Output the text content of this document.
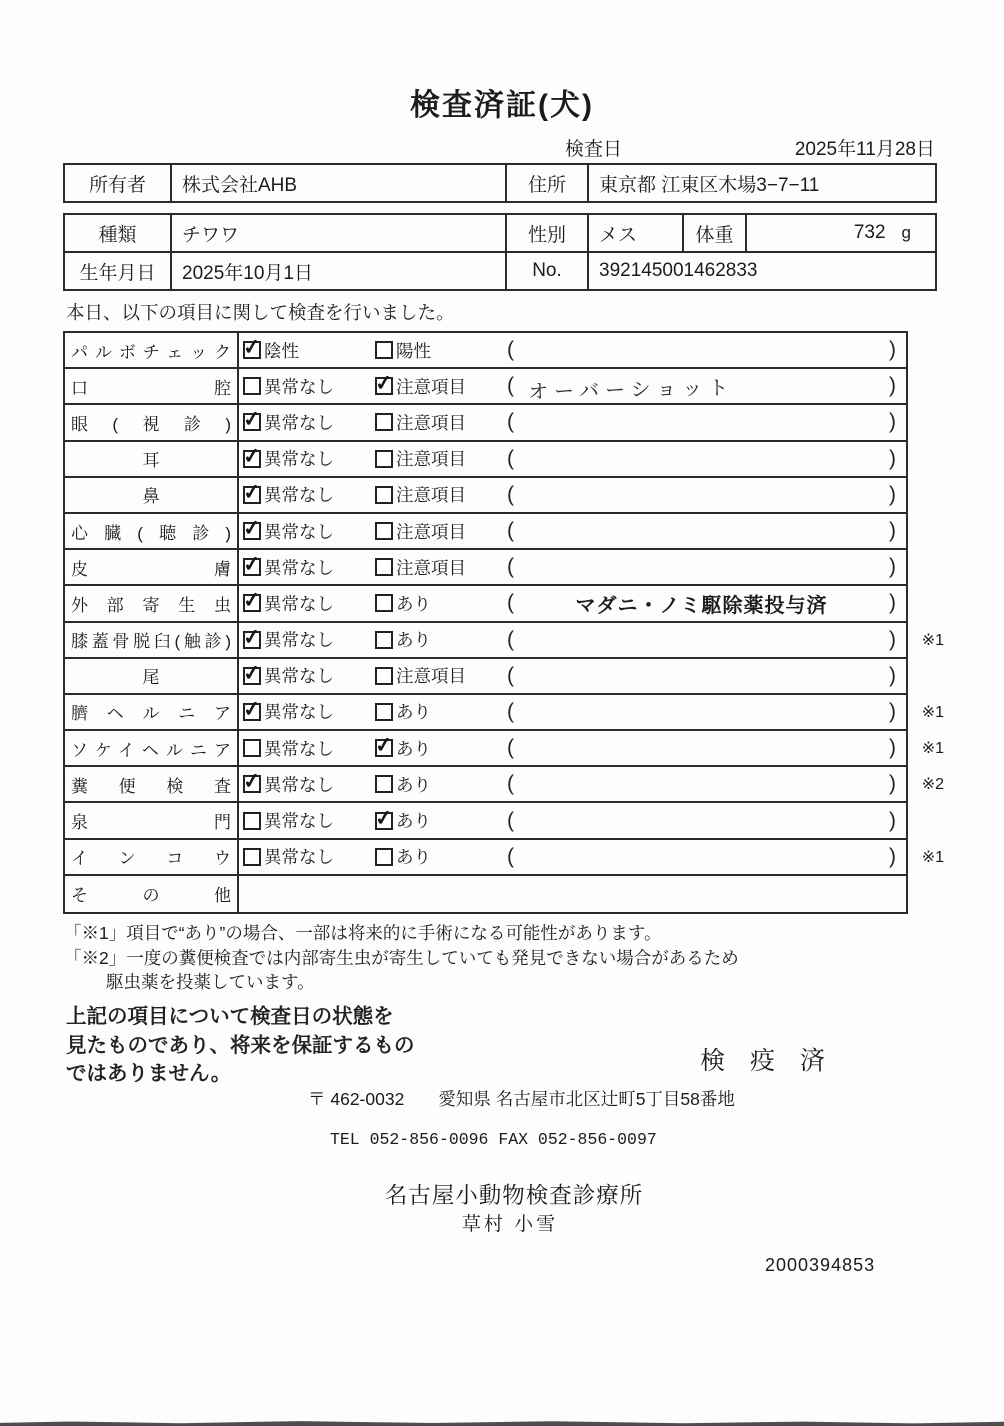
検査済証(犬)
検査日	2025年11月28日
所有者	株式会社AHB	住所	東京都 江東区木場3−7−11
種類	チワワ	性別	メス	体重	732 g
生年月日	2025年10月1日	No.	392145001462833		
本日、以下の項目に関して検査を行いました。
パルボチェック ✓	陰性	陽性	(	)
口腔	異常なし ✓	注意項目 ( オーバーショット	)
眼(視診) ✓	異常なし	注意項目 (	)
耳 ✓	異常なし	注意項目 (	)
鼻 ✓	異常なし	注意項目 (	)
心臓(聴診) ✓	異常なし	注意項目 (	)
皮膚 ✓	異常なし	注意項目 (	)
外部寄生虫 ✓	異常なし	あり	(	マダニ・ノミ駆除薬投与済	)
膝蓋骨脱臼(触診) ✓	異常なし	あり	(	) ※1
尾 ✓	異常なし	注意項目 (	)
臍ヘルニア ✓	異常なし	あり	(	) ※1
ソケイヘルニア	異常なし ✓	あり	(	) ※1
糞便検査 ✓	異常なし	あり	(	) ※2
泉門	異常なし ✓	あり	(	)
インコウ	異常なし	あり	(	) ※1
その他
「※1」項目で“あり”の場合、一部は将来的に手術になる可能性があります。
「※2」一度の糞便検査では内部寄生虫が寄生していても発見できない場合があるため
駆虫薬を投薬しています。
上記の項目について検査日の状態を
見たものであり、将来を保証するもの
ではありません。	検 疫 済
〒 462-0032 愛知県 名古屋市北区辻町5丁目58番地
TEL 052-856-0096 FAX 052-856-0097
名古屋小動物検査診療所
草村 小雪
2000394853
